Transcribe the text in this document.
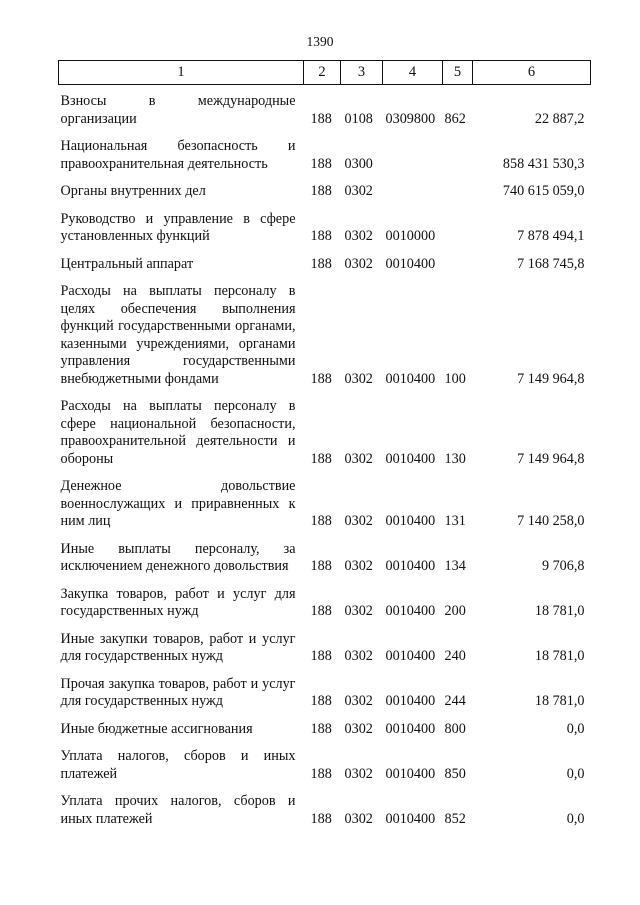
1390
1	2	3	4	5	6
Взносы в международные организации	188	0108	0309800	862	22 887,2
Национальная безопасность и правоохранительная деятельность	188	0300			858 431 530,3
Органы внутренних дел	188	0302			740 615 059,0
Руководство и управление в сфере установленных функций	188	0302	0010000		7 878 494,1
Центральный аппарат	188	0302	0010400		7 168 745,8
Расходы на выплаты персоналу в целях обеспечения выполнения функций государственными органами, казенными учреждениями, органами управления государственными внебюджетными фондами	188	0302	0010400	100	7 149 964,8
Расходы на выплаты персоналу в сфере национальной безопасности, правоохранительной деятельности и обороны	188	0302	0010400	130	7 149 964,8
Денежное довольствие военнослужащих и приравненных к ним лиц	188	0302	0010400	131	7 140 258,0
Иные выплаты персоналу, за исключением денежного довольствия	188	0302	0010400	134	9 706,8
Закупка товаров, работ и услуг для государственных нужд	188	0302	0010400	200	18 781,0
Иные закупки товаров, работ и услуг для государственных нужд	188	0302	0010400	240	18 781,0
Прочая закупка товаров, работ и услуг для государственных нужд	188	0302	0010400	244	18 781,0
Иные бюджетные ассигнования	188	0302	0010400	800	0,0
Уплата налогов, сборов и иных платежей	188	0302	0010400	850	0,0
Уплата прочих налогов, сборов и иных платежей	188	0302	0010400	852	0,0
